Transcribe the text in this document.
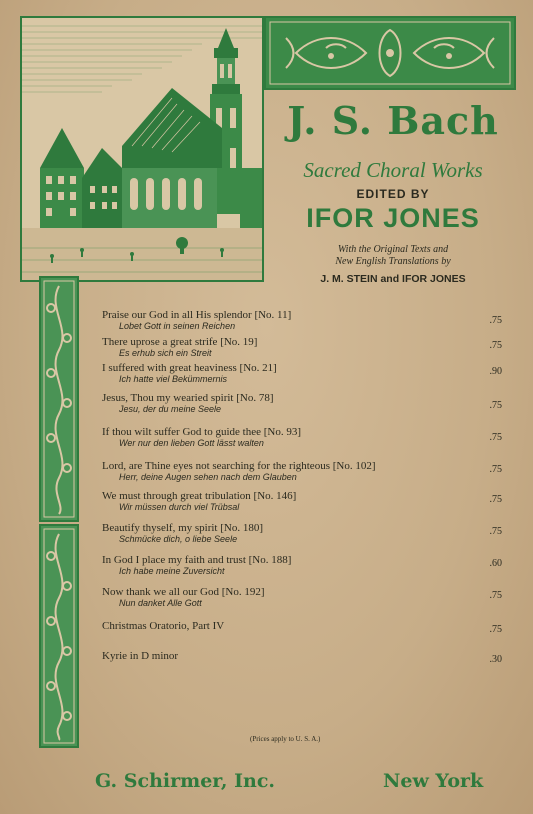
J. S. Bach
Sacred Choral Works
EDITED BY
IFOR JONES
With the Original Texts and
New English Translations by
J. M. STEIN and IFOR JONES
Praise our God in all His splendor [No. 11]
Lobet Gott in seinen Reichen	.75
There uprose a great strife [No. 19]
Es erhub sich ein Streit
.75
I suffered with great heaviness [No. 21]
Ich hatte viel Bekümmernis
.90
Jesus, Thou my wearied spirit [No. 78]
Jesu, der du meine Seele	.75
If thou wilt suffer God to guide thee [No. 93]
Wer nur den lieben Gott lässt walten	.75
Lord, are Thine eyes not searching for the righteous [No. 102]
Herr, deine Augen sehen nach dem Glauben
.75
We must through great tribulation [No. 146]
Wir müssen durch viel Trübsal
.75
Beautify thyself, my spirit [No. 180]
Schmücke dich, o liebe Seele
.75
In God I place my faith and trust [No. 188]
Ich habe meine Zuversicht
.60
Now thank we all our God [No. 192]
Nun danket Alle Gott
.75
Christmas Oratorio, Part IV	.75
Kyrie in D minor	.30
(Prices apply to U. S. A.)
G. Schirmer, Inc.	New York
